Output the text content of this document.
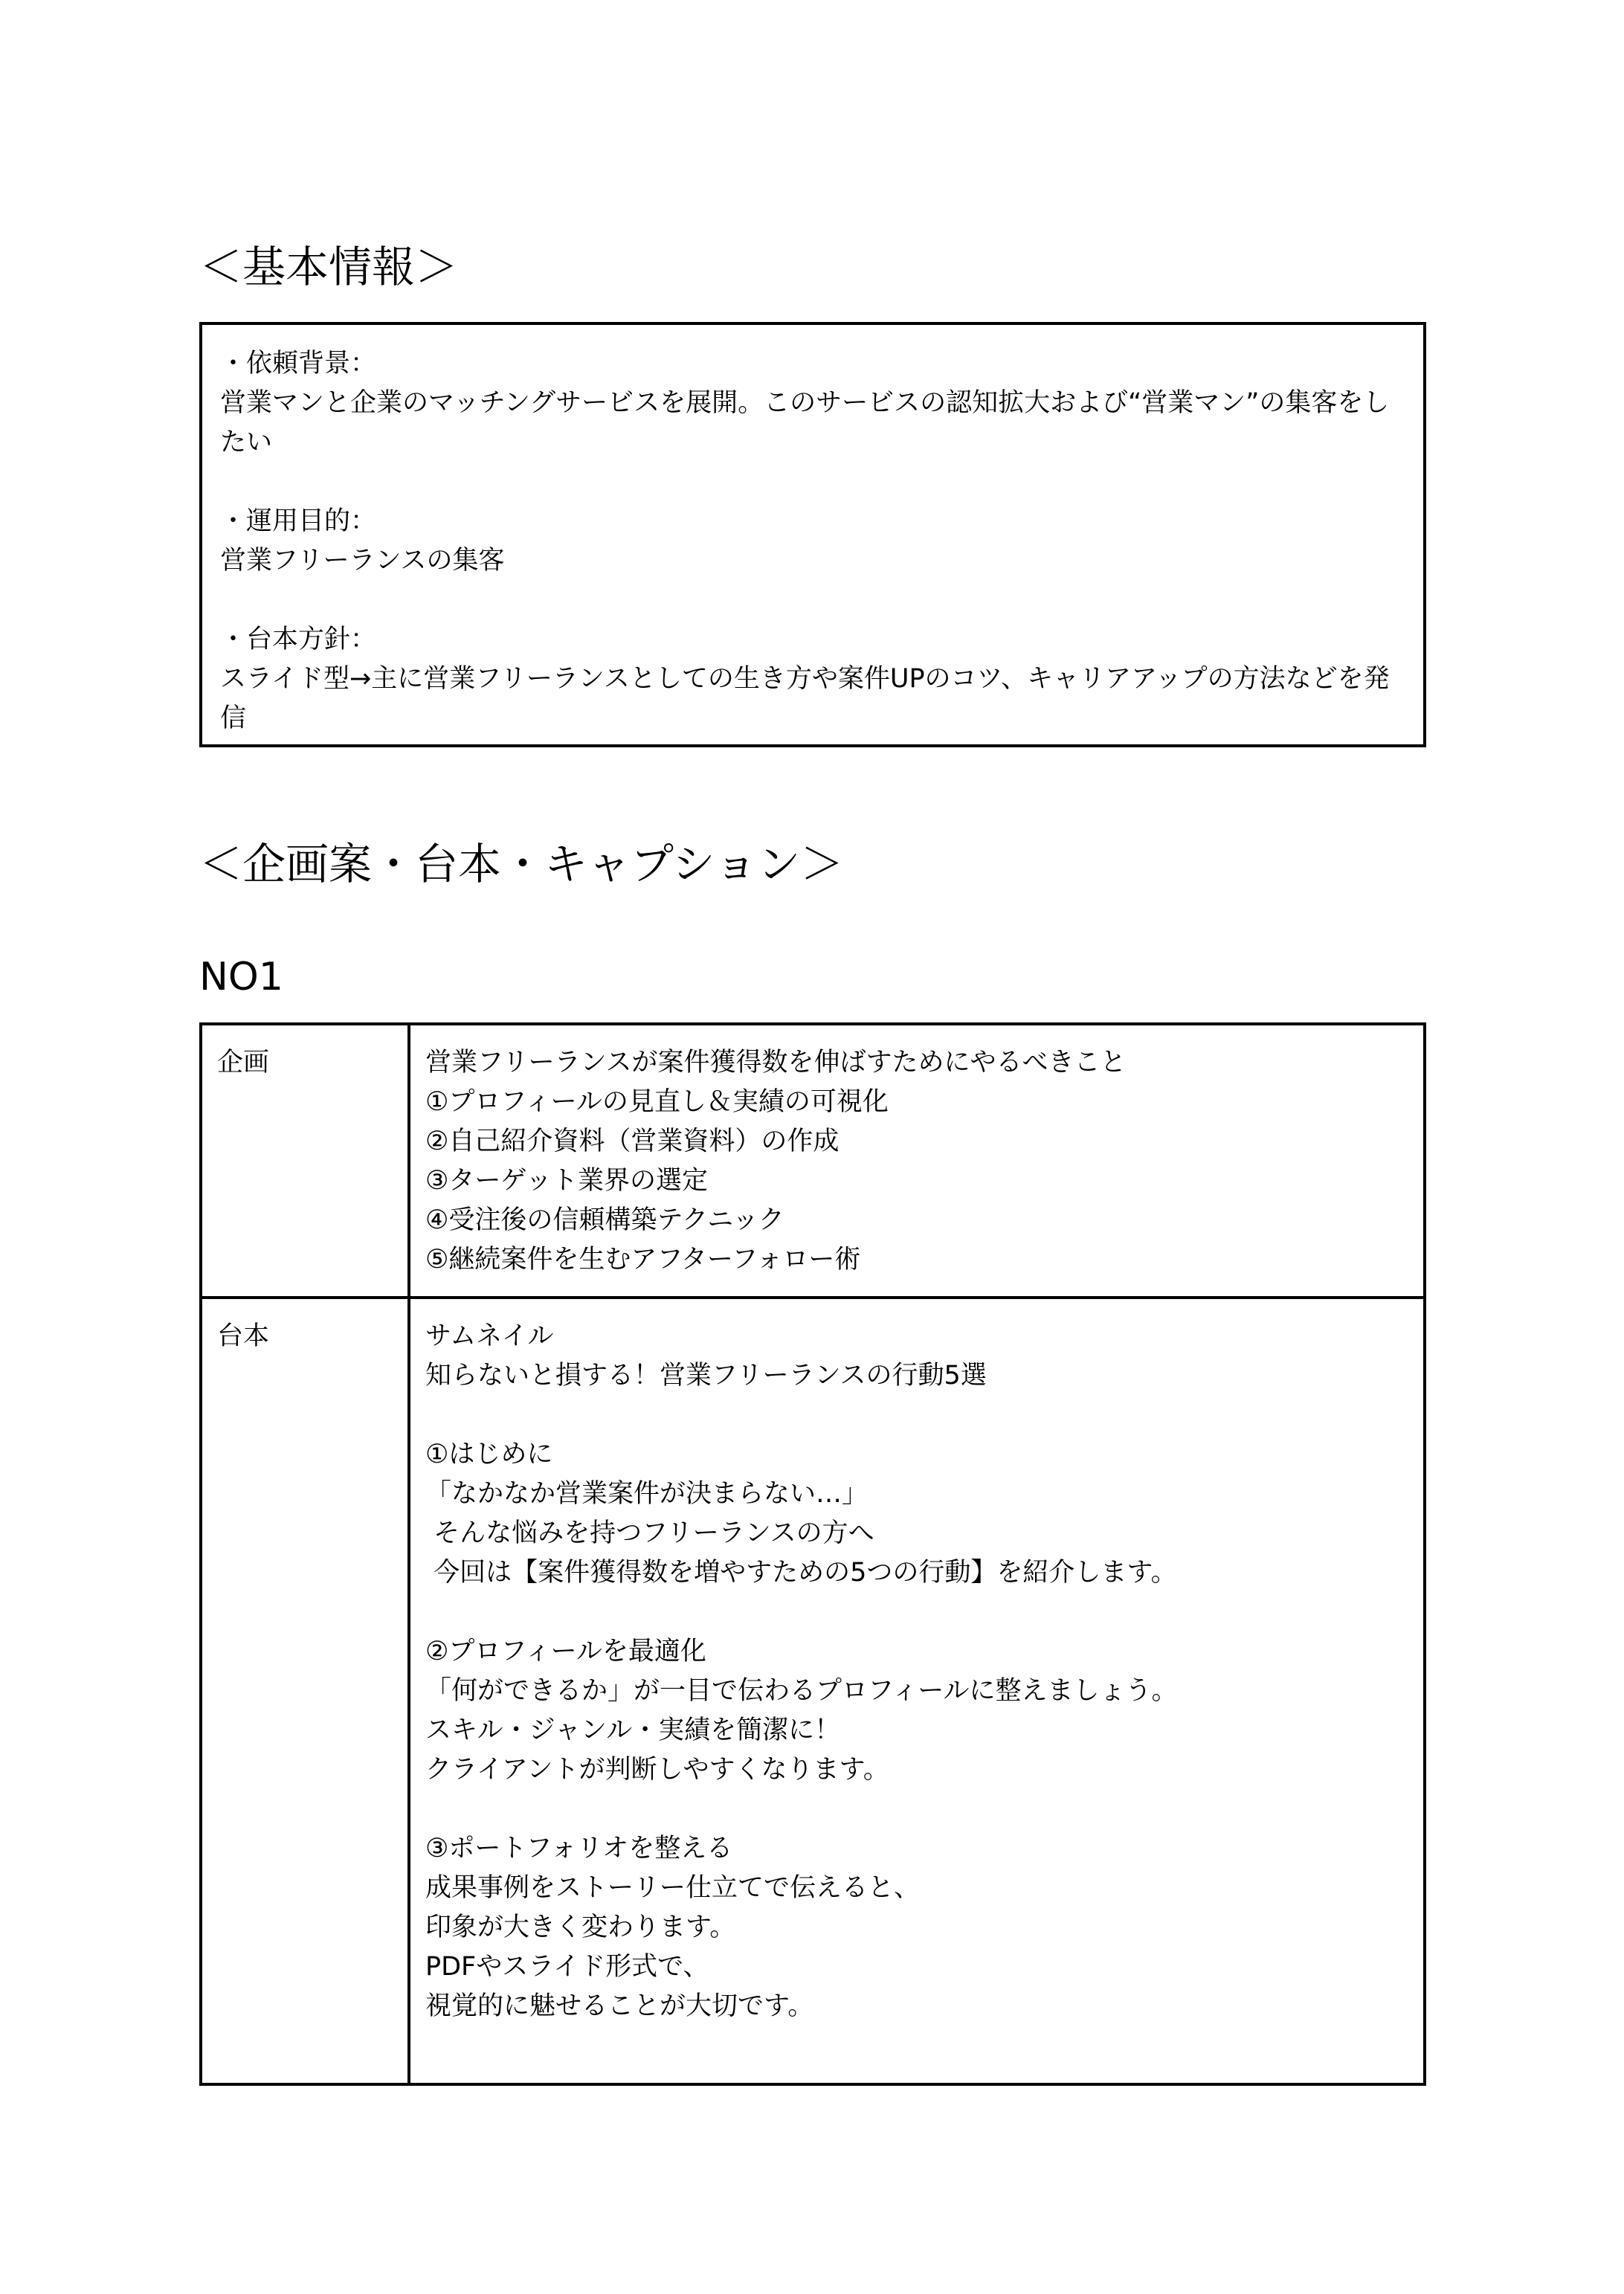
＜基本情報＞
・依頼背景：
営業マンと企業のマッチングサービスを展開。このサービスの認知拡大および“営業マン”の集客をしたい
・運用目的：
営業フリーランスの集客
・台本方針：
スライド型→主に営業フリーランスとしての生き方や案件UPのコツ、キャリアアップの方法などを発信
＜企画案・台本・キャプション＞
NO1
企画	営業フリーランスが案件獲得数を伸ばすためにやるべきこと
①プロフィールの見直し＆実績の可視化
②自己紹介資料（営業資料）の作成
③ターゲット業界の選定
④受注後の信頼構築テクニック
⑤継続案件を生むアフターフォロー術
台本	サムネイル
知らないと損する！営業フリーランスの行動5選
①はじめに
「なかなか営業案件が決まらない…」
そんな悩みを持つフリーランスの方へ
今回は【案件獲得数を増やすための5つの行動】を紹介します。
②プロフィールを最適化
「何ができるか」が一目で伝わるプロフィールに整えましょう。
スキル・ジャンル・実績を簡潔に！
クライアントが判断しやすくなります。
③ポートフォリオを整える
成果事例をストーリー仕立てで伝えると、
印象が大きく変わります。
PDFやスライド形式で、
視覚的に魅せることが大切です。
